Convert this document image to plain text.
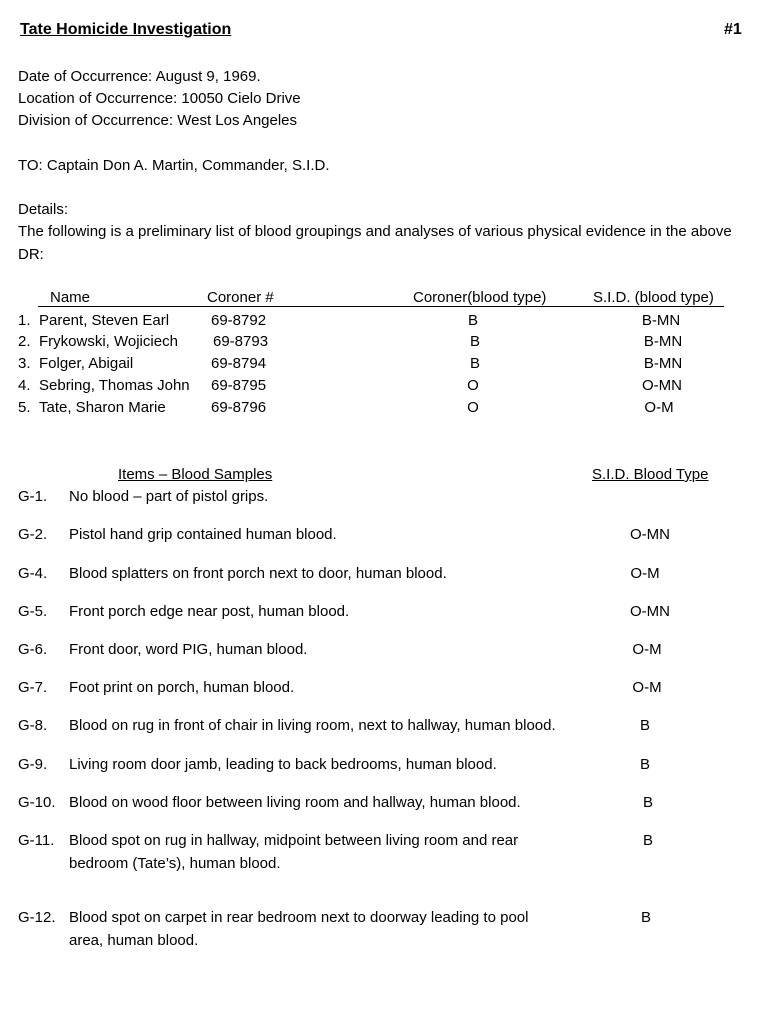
Tate Homicide Investigation	#1
Date of Occurrence: August 9, 1969.
Location of Occurrence: 10050 Cielo Drive
Division of Occurrence: West Los Angeles
TO: Captain Don A. Martin, Commander, S.I.D.
Details:
The following is a preliminary list of blood groupings and analyses of various physical evidence in the above DR:
Name	Coroner #	Coroner(blood type)	S.I.D. (blood type)
1. Parent, Steven Earl	69-8792	B	B-MN
2. Frykowski, Wojiciech 69-8793	B	B-MN
3. Folger, Abigail	69-8794	B	B-MN
4. Sebring, Thomas John 69-8795	O	O-MN
5. Tate, Sharon Marie	69-8796	O	O-M
Items – Blood Samples	S.I.D. Blood Type
G-1. No blood – part of pistol grips.
G-2. Pistol hand grip contained human blood.	O-MN
G-4. Blood splatters on front porch next to door, human blood.	O-M
G-5. Front porch edge near post, human blood.	O-MN
G-6. Front door, word PIG, human blood.	O-M
G-7. Foot print on porch, human blood.	O-M
G-8. Blood on rug in front of chair in living room, next to hallway, human blood.	B
G-9. Living room door jamb, leading to back bedrooms, human blood.	B
G-10. Blood on wood floor between living room and hallway, human blood.	B
G-11. Blood spot on rug in hallway, midpoint between living room and rear
bedroom (Tate’s), human blood.
B
G-12. Blood spot on carpet in rear bedroom next to doorway leading to pool
area, human blood.
B
